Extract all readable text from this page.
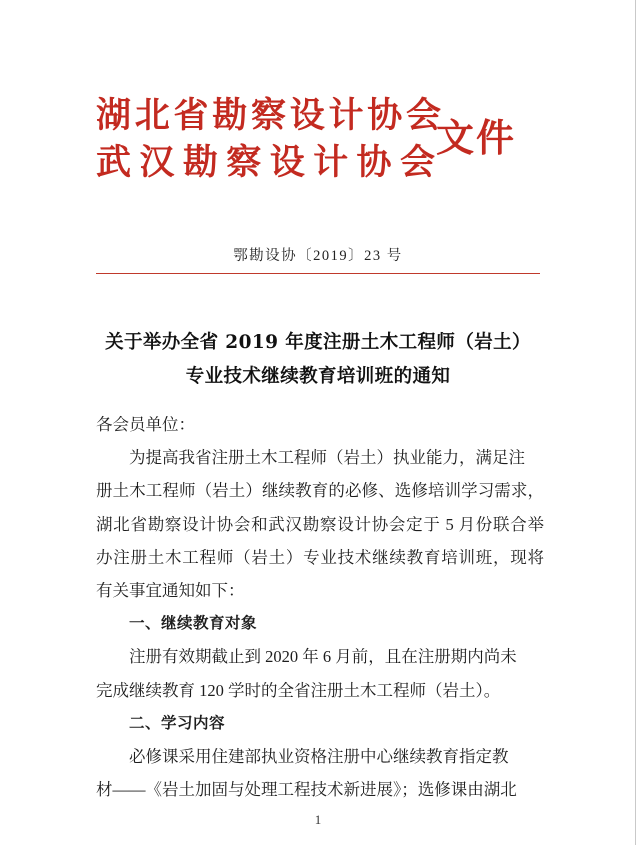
湖北省勘察设计协会
武汉勘察设计协会
文件
鄂勘设协〔2019〕23 号
关于举办全省 2019 年度注册土木工程师（岩土）
专业技术继续教育培训班的通知
各会员单位：
为提高我省注册土木工程师（岩土）执业能力，满足注
册土木工程师（岩土）继续教育的必修、选修培训学习需求，
湖北省勘察设计协会和武汉勘察设计协会定于 5 月份联合举
办注册土木工程师（岩土）专业技术继续教育培训班，现将
有关事宜通知如下：
一、继续教育对象
注册有效期截止到 2020 年 6 月前，且在注册期内尚未
完成继续教育 120 学时的全省注册土木工程师（岩土）。
二、学习内容
必修课采用住建部执业资格注册中心继续教育指定教
材——《岩土加固与处理工程技术新进展》；选修课由湖北
1
